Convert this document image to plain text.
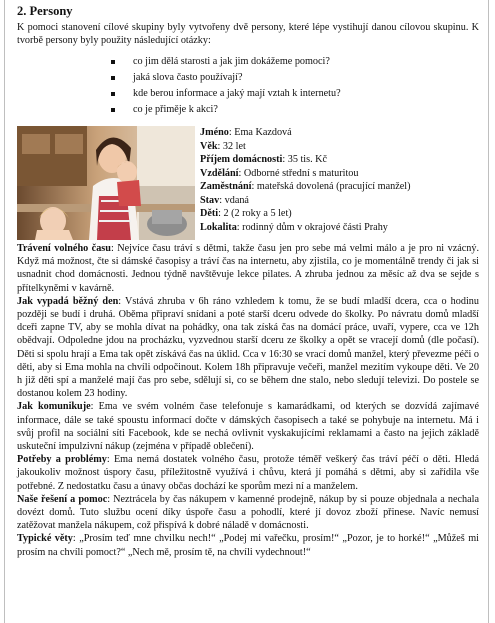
2. Persony

K pomoci stanovení cílové skupiny byly vytvořeny dvě persony, které lépe vystihují danou cílovou skupinu. K tvorbě persony byly použity následující otázky:

co jim dělá starosti a jak jim dokážeme pomoci?
jaká slova často používají?
kde berou informace a jaký mají vztah k internetu?
co je přiměje k akci?
Jméno: Ema Kazdová
Věk: 32 let
Příjem domácnosti: 35 tis. Kč
Vzdělání: Odborné střední s maturitou
Zaměstnání: mateřská dovolená (pracující manžel)
Stav: vdaná
Děti: 2 (2 roky a 5 let)
Lokalita: rodinný dům v okrajové části Prahy

Trávení volného času: Nejvíce času tráví s dětmi, takže času jen pro sebe má velmi málo a je pro ni vzácný. Když má možnost, čte si dámské časopisy a tráví čas na internetu, aby zjistila, co je momentálně trendy či jak si usnadnit chod domácnosti. Jednou týdně navštěvuje lekce pilates. A zhruba jednou za měsíc až dva se sejde s přítelkyněmi v kavárně.

Jak vypadá běžný den: Vstává zhruba v 6h ráno vzhledem k tomu, že se budí mladší dcera, cca o hodinu později se budí i druhá. Oběma připraví snídani a poté starší dceru odvede do školky. Po návratu domů mladší dceři zapne TV, aby se mohla dívat na pohádky, ona tak získá čas na domácí práce, uvaří, vypere, cca ve 12h obědvají. Odpoledne jdou na procházku, vyzvednou starší dceru ze školky a opět se vracejí domů (dle počasí). Děti si spolu hrají a Ema tak opět získává čas na úklid. Cca v 16:30 se vrací domů manžel, který převezme péči o děti, aby si Ema mohla na chvíli odpočinout. Kolem 18h připravuje večeři, manžel mezitím vykoupe děti. Ve 20 h již děti spí a manželé mají čas pro sebe, sdělují si, co se během dne stalo, nebo sledují televizi. Do postele se dostanou kolem 23 hodiny.

Jak komunikuje: Ema ve svém volném čase telefonuje s kamarádkami, od kterých se dozvídá zajímavé informace, dále se také spoustu informací dočte v dámských časopisech a také se pohybuje na internetu. Má i svůj profil na sociální síti Facebook, kde se nechá ovlivnit vyskakujícími reklamami a často na jejich základě uskuteční impulzivní nákup (zejména v případě oblečení).

Potřeby a problémy: Ema nemá dostatek volného času, protože téměř veškerý čas tráví péčí o děti. Hledá jakoukoliv možnost úspory času, příležitostně využívá i chůvu, která jí pomáhá s dětmi, aby si zařídila vše potřebné. Z nedostatku času a únavy občas dochází ke sporům mezi ní a manželem.

Naše řešení a pomoc: Neztrácela by čas nákupem v kamenné prodejně, nákup by si pouze objednala a nechala dovézt domů. Tuto službu ocení díky úspoře času a pohodlí, které jí dovoz zboží přinese. Navíc nemusí zatěžovat manžela nákupem, což přispívá k dobré náladě v domácnosti.

Typické věty: „Prosím teď mne chvilku nech!“ „Podej mi vařečku, prosím!“ „Pozor, je to horké!“ „Můžeš mi prosím na chvíli pomoct?“ „Nech mě, prosím tě, na chvíli vydechnout!“
